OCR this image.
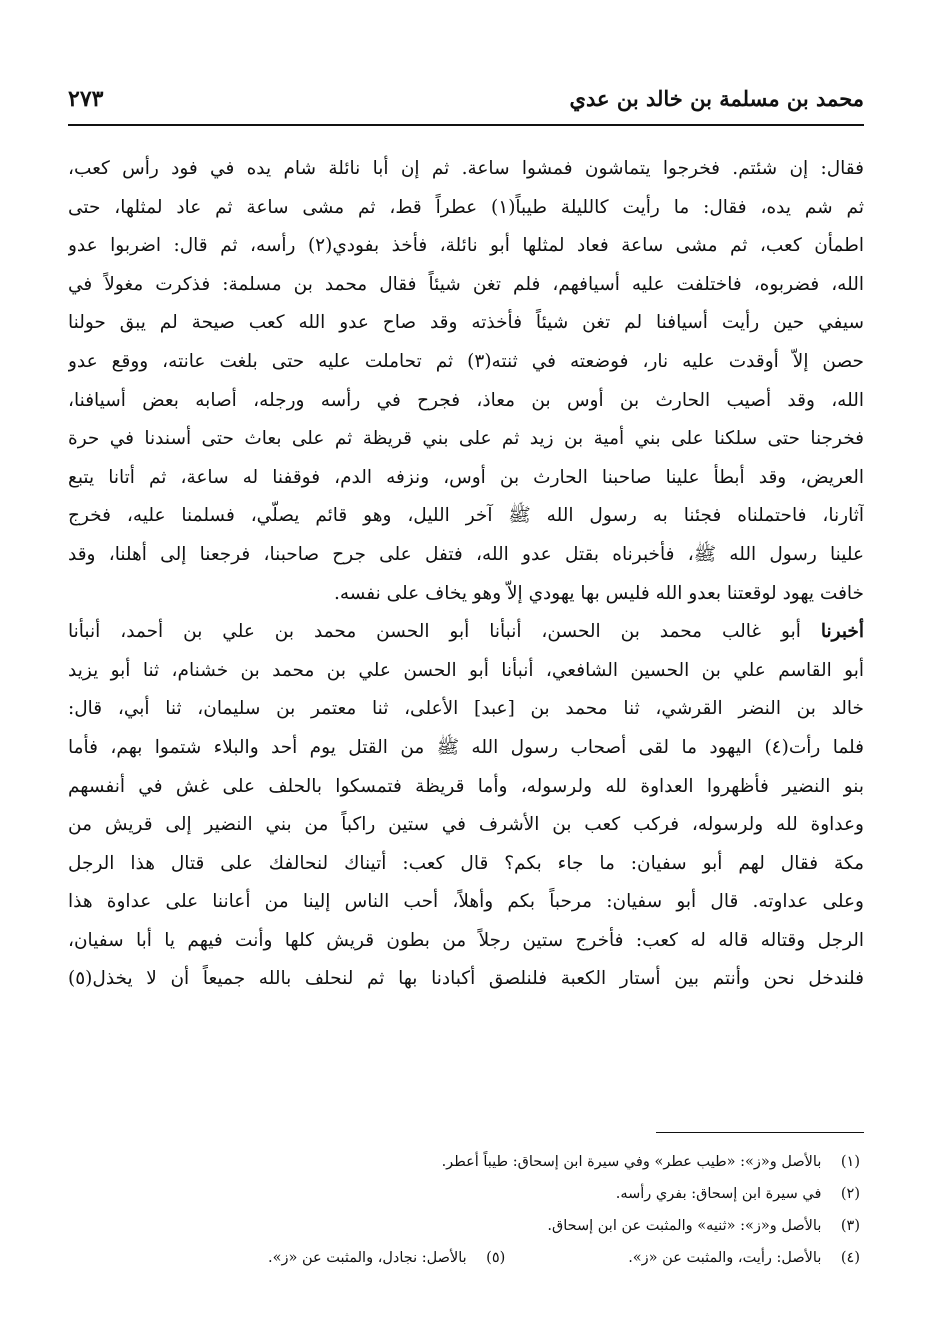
محمد بن مسلمة بن خالد بن عدي
٢٧٣
فقال: إن شئتم. فخرجوا يتماشون فمشوا ساعة. ثم إن أبا نائلة شام يده في فود رأس كعب،
ثم شم يده، فقال: ما رأيت كالليلة طيباً(١) عطراً قط، ثم مشى ساعة ثم عاد لمثلها، حتى
اطمأن كعب، ثم مشى ساعة فعاد لمثلها أبو نائلة، فأخذ بفودي(٢) رأسه، ثم قال: اضربوا عدو
الله، فضربوه، فاختلفت عليه أسيافهم، فلم تغن شيئاً فقال محمد بن مسلمة: فذكرت مغولاً في
سيفي حين رأيت أسيافنا لم تغن شيئاً فأخذته وقد صاح عدو الله كعب صيحة لم يبق حولنا
حصن إلاّ أوقدت عليه نار، فوضعته في ثنته(٣) ثم تحاملت عليه حتى بلغت عانته، ووقع عدو
الله، وقد أصيب الحارث بن أوس بن معاذ، فجرح في رأسه ورجله، أصابه بعض أسيافنا،
فخرجنا حتى سلكنا على بني أمية بن زيد ثم على بني قريظة ثم على بعاث حتى أسندنا في حرة
العريض، وقد أبطأ علينا صاحبنا الحارث بن أوس، ونزفه الدم، فوقفنا له ساعة، ثم أتانا يتبع
آثارنا، فاحتملناه فجئنا به رسول الله ﷺ آخر الليل، وهو قائم يصلّي، فسلمنا عليه، فخرج
علينا رسول الله ﷺ، فأخبرناه بقتل عدو الله، فتفل على جرح صاحبنا، فرجعنا إلى أهلنا، وقد
خافت يهود لوقعتنا بعدو الله فليس بها يهودي إلاّ وهو يخاف على نفسه.
أخبرنا أبو غالب محمد بن الحسن، أنبأنا أبو الحسن محمد بن علي بن أحمد، أنبأنا
أبو القاسم علي بن الحسين الشافعي، أنبأنا أبو الحسن علي بن محمد بن خشنام، ثنا أبو يزيد
خالد بن النضر القرشي، ثنا محمد بن [عبد] الأعلى، ثنا معتمر بن سليمان، ثنا أبي، قال:
فلما رأت(٤) اليهود ما لقى أصحاب رسول الله ﷺ من القتل يوم أحد والبلاء شتموا بهم، فأما
بنو النضير فأظهروا العداوة لله ولرسوله، وأما قريظة فتمسكوا بالحلف على غش في أنفسهم
وعداوة لله ولرسوله، فركب كعب بن الأشرف في ستين راكباً من بني النضير إلى قريش من
مكة فقال لهم أبو سفيان: ما جاء بكم؟ قال كعب: أتيناك لنحالفك على قتال هذا الرجل
وعلى عداوته. قال أبو سفيان: مرحباً بكم وأهلاً، أحب الناس إلينا من أعاننا على عداوة هذا
الرجل وقتاله قاله له كعب: فأخرج ستين رجلاً من بطون قريش كلها وأنت فيهم يا أبا سفيان،
فلندخل نحن وأنتم بين أستار الكعبة فلنلصق أكبادنا بها ثم لنحلف بالله جميعاً أن لا يخذل(٥)
(١) بالأصل و«ز»: «طيب عطر» وفي سيرة ابن إسحاق: طيباً أعطر.
(٢) في سيرة ابن إسحاق: بفري رأسه.
(٣) بالأصل و«ز»: «ثنيه» والمثبت عن ابن إسحاق.
(٤) بالأصل: رأيت، والمثبت عن «ز».
(٥) بالأصل: نجادل، والمثبت عن «ز».
